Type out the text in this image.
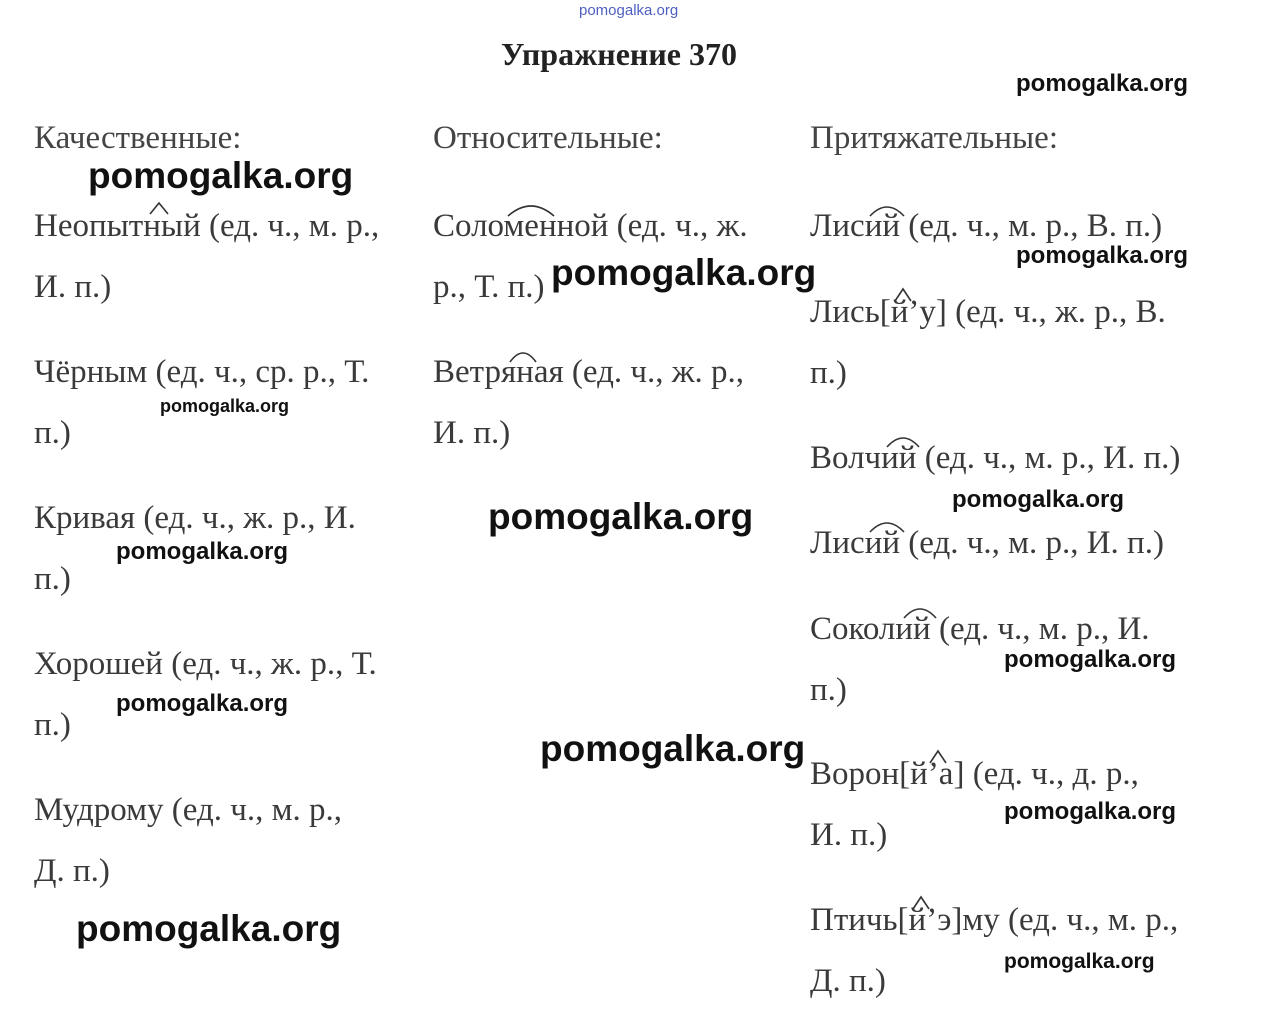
pomogalka.org
Упражнение 370
Качественные:	Относительные:	Притяжательные:
Неопытный (ед. ч., м. р.,
И. п.)
Чёрным (ед. ч., ср. р., Т.
п.)
Кривая (ед. ч., ж. р., И.
п.)
Хорошей (ед. ч., ж. р., Т.
п.)
Мудрому (ед. ч., м. р.,
Д. п.)
Соломенной (ед. ч., ж.
р., Т. п.)
Ветряная (ед. ч., ж. р.,
И. п.)
Лисий (ед. ч., м. р., В. п.)
Лись[й’у] (ед. ч., ж. р., В.
п.)
Волчий (ед. ч., м. р., И. п.)
Лисий (ед. ч., м. р., И. п.)
Соколий (ед. ч., м. р., И.
п.)
Ворон[й’а] (ед. ч., д. р.,
И. п.)
Птичь[й’э]му (ед. ч., м. р.,
Д. п.)
pomogalka.org
pomogalka.org
pomogalka.org
pomogalka.org
pomogalka.org
pomogalka.org
pomogalka.org
pomogalka.org
pomogalka.org
pomogalka.org
pomogalka.org
pomogalka.org
pomogalka.org
pomogalka.org
